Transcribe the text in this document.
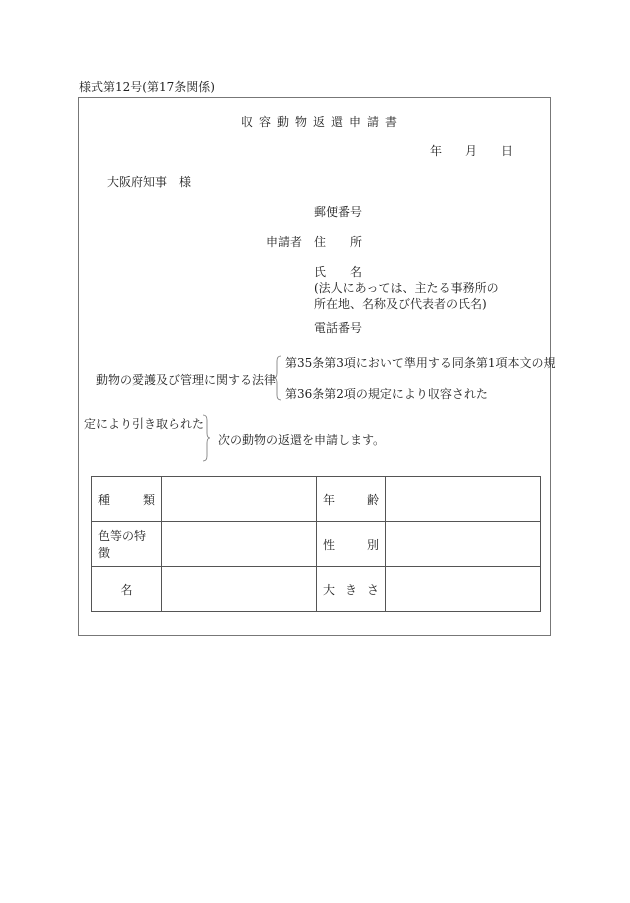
様式第12号(第17条関係)
収容動物返還申請書
年 月 日
大阪府知事　様
郵便番号
申請者 住 所
氏 名
(法人にあっては、主たる事務所の
所在地、名称及び代表者の氏名)
電話番号
動物の愛護及び管理に関する法律
第35条第3項において準用する同条第1項本文の規
第36条第2項の規定により収容された
定により引き取られた
次の動物の返還を申請します。
種 類		年 齢	

色等の特徴		性 別	

名		大 き さ	
